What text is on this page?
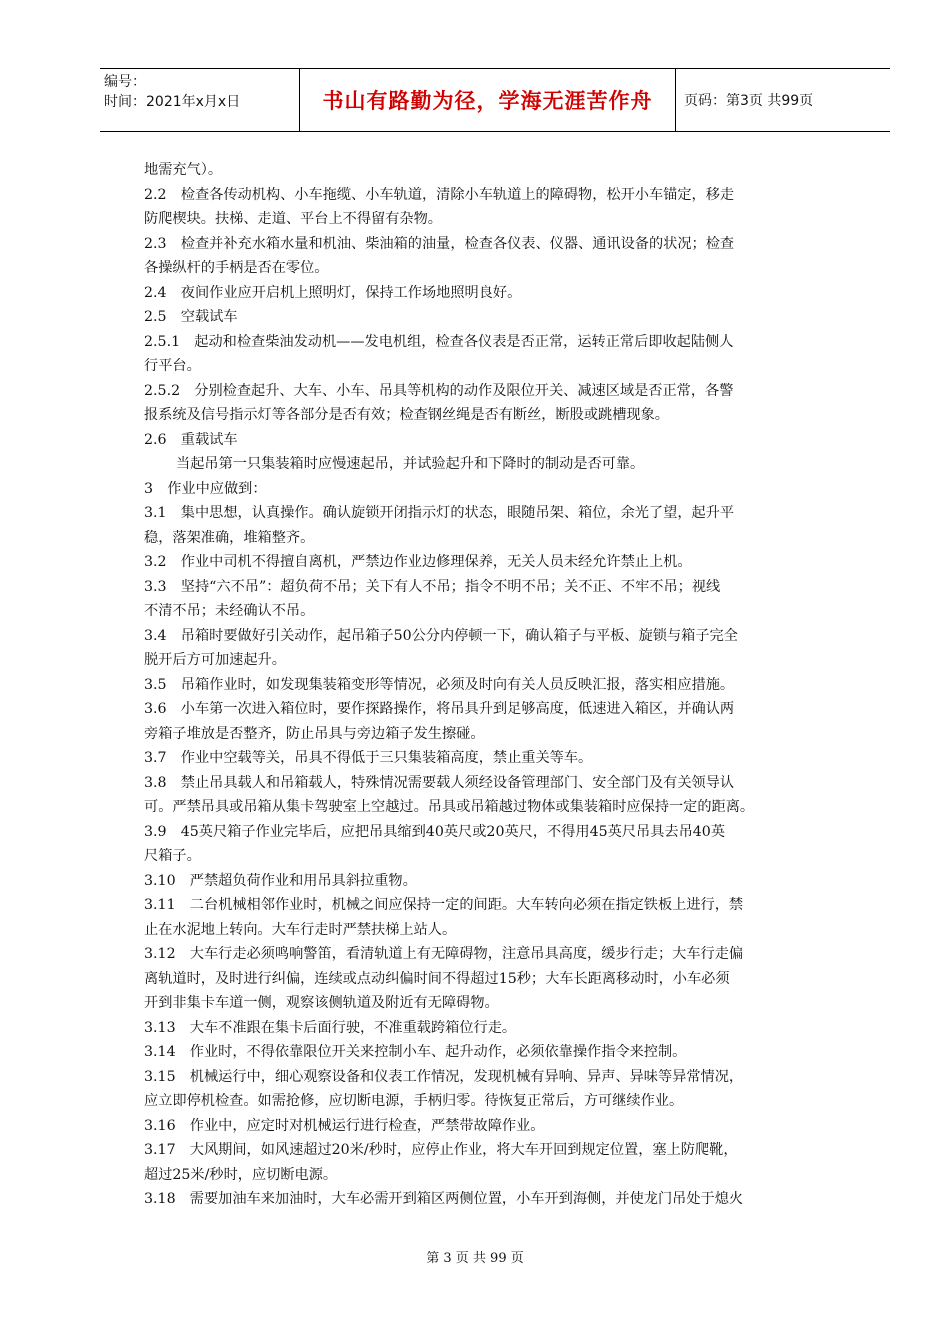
编号：
时间：2021年x月x日	书山有路勤为径，学海无涯苦作舟	页码：第3页 共99页
地需充气）。
2.2　检查各传动机构、小车拖缆、小车轨道，清除小车轨道上的障碍物，松开小车锚定，移走
防爬楔块。扶梯、走道、平台上不得留有杂物。
2.3　检查并补充水箱水量和机油、柴油箱的油量，检查各仪表、仪器、通讯设备的状况；检查
各操纵杆的手柄是否在零位。
2.4　夜间作业应开启机上照明灯，保持工作场地照明良好。
2.5　空载试车
2.5.1　起动和检查柴油发动机——发电机组，检查各仪表是否正常，运转正常后即收起陆侧人
行平台。
2.5.2　分别检查起升、大车、小车、吊具等机构的动作及限位开关、减速区域是否正常，各警
报系统及信号指示灯等各部分是否有效；检查钢丝绳是否有断丝，断股或跳槽现象。
2.6　重载试车
当起吊第一只集装箱时应慢速起吊，并试验起升和下降时的制动是否可靠。
3　作业中应做到：
3.1　集中思想，认真操作。确认旋锁开闭指示灯的状态，眼随吊架、箱位，余光了望，起升平
稳，落架准确，堆箱整齐。
3.2　作业中司机不得擅自离机，严禁边作业边修理保养，无关人员未经允许禁止上机。
3.3　坚持“六不吊”：超负荷不吊；关下有人不吊；指令不明不吊；关不正、不牢不吊；视线
不清不吊；未经确认不吊。
3.4　吊箱时要做好引关动作，起吊箱子50公分内停顿一下，确认箱子与平板、旋锁与箱子完全
脱开后方可加速起升。
3.5　吊箱作业时，如发现集装箱变形等情况，必须及时向有关人员反映汇报，落实相应措施。
3.6　小车第一次进入箱位时，要作探路操作，将吊具升到足够高度，低速进入箱区，并确认两
旁箱子堆放是否整齐，防止吊具与旁边箱子发生擦碰。
3.7　作业中空载等关，吊具不得低于三只集装箱高度，禁止重关等车。
3.8　禁止吊具载人和吊箱载人，特殊情况需要载人须经设备管理部门、安全部门及有关领导认
可。严禁吊具或吊箱从集卡驾驶室上空越过。吊具或吊箱越过物体或集装箱时应保持一定的距离。
3.9　45英尺箱子作业完毕后，应把吊具缩到40英尺或20英尺，不得用45英尺吊具去吊40英
尺箱子。
3.10　严禁超负荷作业和用吊具斜拉重物。
3.11　二台机械相邻作业时，机械之间应保持一定的间距。大车转向必须在指定铁板上进行，禁
止在水泥地上转向。大车行走时严禁扶梯上站人。
3.12　大车行走必须鸣响警笛，看清轨道上有无障碍物，注意吊具高度，缓步行走；大车行走偏
离轨道时，及时进行纠偏，连续或点动纠偏时间不得超过15秒；大车长距离移动时，小车必须
开到非集卡车道一侧，观察该侧轨道及附近有无障碍物。
3.13　大车不准跟在集卡后面行驶，不准重载跨箱位行走。
3.14　作业时，不得依靠限位开关来控制小车、起升动作，必须依靠操作指令来控制。
3.15　机械运行中，细心观察设备和仪表工作情况，发现机械有异响、异声、异味等异常情况，
应立即停机检查。如需抢修，应切断电源，手柄归零。待恢复正常后，方可继续作业。
3.16　作业中，应定时对机械运行进行检查，严禁带故障作业。
3.17　大风期间，如风速超过20米/秒时，应停止作业，将大车开回到规定位置，塞上防爬靴，
超过25米/秒时，应切断电源。
3.18　需要加油车来加油时，大车必需开到箱区两侧位置，小车开到海侧，并使龙门吊处于熄火
第 3 页 共 99 页
